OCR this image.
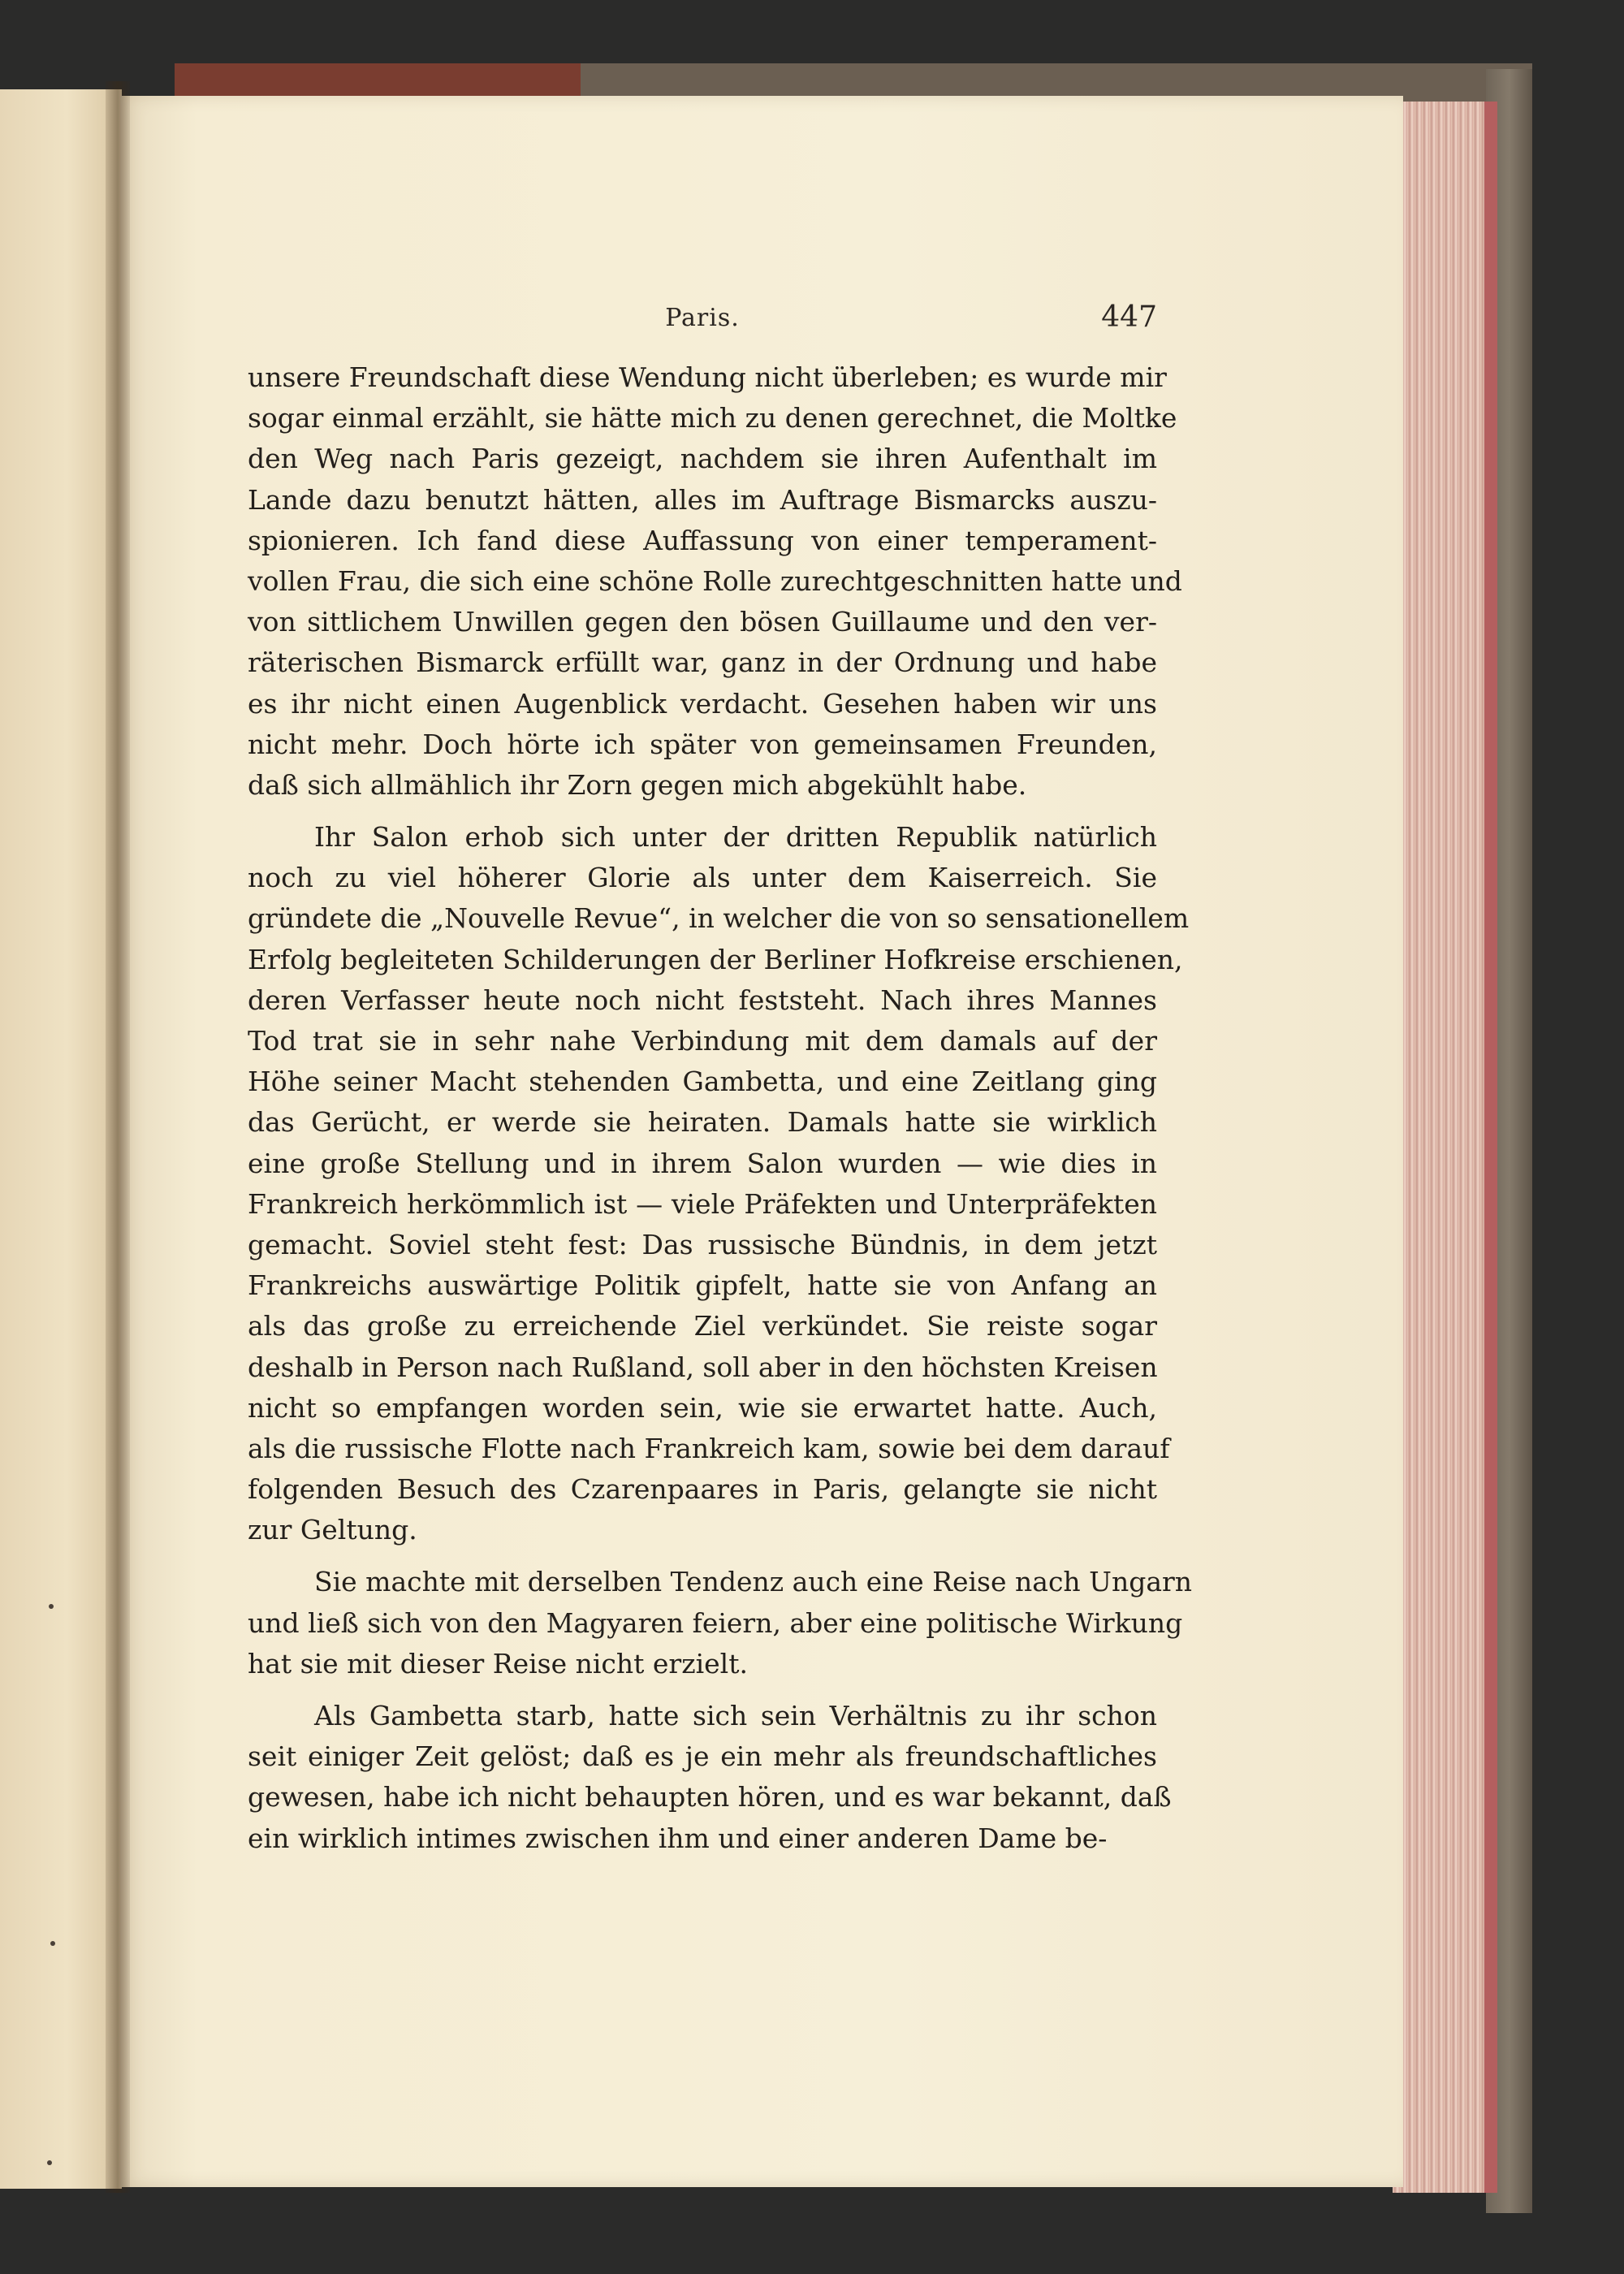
Paris.	447
unsere Freundschaft diese Wendung nicht überleben; es wurde mir
sogar einmal erzählt, sie hätte mich zu denen gerechnet, die Moltke
den Weg nach Paris gezeigt, nachdem sie ihren Aufenthalt im
Lande dazu benutzt hätten, alles im Auftrage Bismarcks auszu-
spionieren. Ich fand diese Auffassung von einer temperament-
vollen Frau, die sich eine schöne Rolle zurechtgeschnitten hatte und
von sittlichem Unwillen gegen den bösen Guillaume und den ver-
räterischen Bismarck erfüllt war, ganz in der Ordnung und habe
es ihr nicht einen Augenblick verdacht. Gesehen haben wir uns
nicht mehr. Doch hörte ich später von gemeinsamen Freunden,
daß sich allmählich ihr Zorn gegen mich abgekühlt habe.
Ihr Salon erhob sich unter der dritten Republik natürlich
noch zu viel höherer Glorie als unter dem Kaiserreich. Sie
gründete die „Nouvelle Revue“, in welcher die von so sensationellem
Erfolg begleiteten Schilderungen der Berliner Hofkreise erschienen,
deren Verfasser heute noch nicht feststeht. Nach ihres Mannes
Tod trat sie in sehr nahe Verbindung mit dem damals auf der
Höhe seiner Macht stehenden Gambetta, und eine Zeitlang ging
das Gerücht, er werde sie heiraten. Damals hatte sie wirklich
eine große Stellung und in ihrem Salon wurden — wie dies in
Frankreich herkömmlich ist — viele Präfekten und Unterpräfekten
gemacht. Soviel steht fest: Das russische Bündnis, in dem jetzt
Frankreichs auswärtige Politik gipfelt, hatte sie von Anfang an
als das große zu erreichende Ziel verkündet. Sie reiste sogar
deshalb in Person nach Rußland, soll aber in den höchsten Kreisen
nicht so empfangen worden sein, wie sie erwartet hatte. Auch,
als die russische Flotte nach Frankreich kam, sowie bei dem darauf
folgenden Besuch des Czarenpaares in Paris, gelangte sie nicht
zur Geltung.
Sie machte mit derselben Tendenz auch eine Reise nach Ungarn
und ließ sich von den Magyaren feiern, aber eine politische Wirkung
hat sie mit dieser Reise nicht erzielt.
Als Gambetta starb, hatte sich sein Verhältnis zu ihr schon
seit einiger Zeit gelöst; daß es je ein mehr als freundschaftliches
gewesen, habe ich nicht behaupten hören, und es war bekannt, daß
ein wirklich intimes zwischen ihm und einer anderen Dame be-
